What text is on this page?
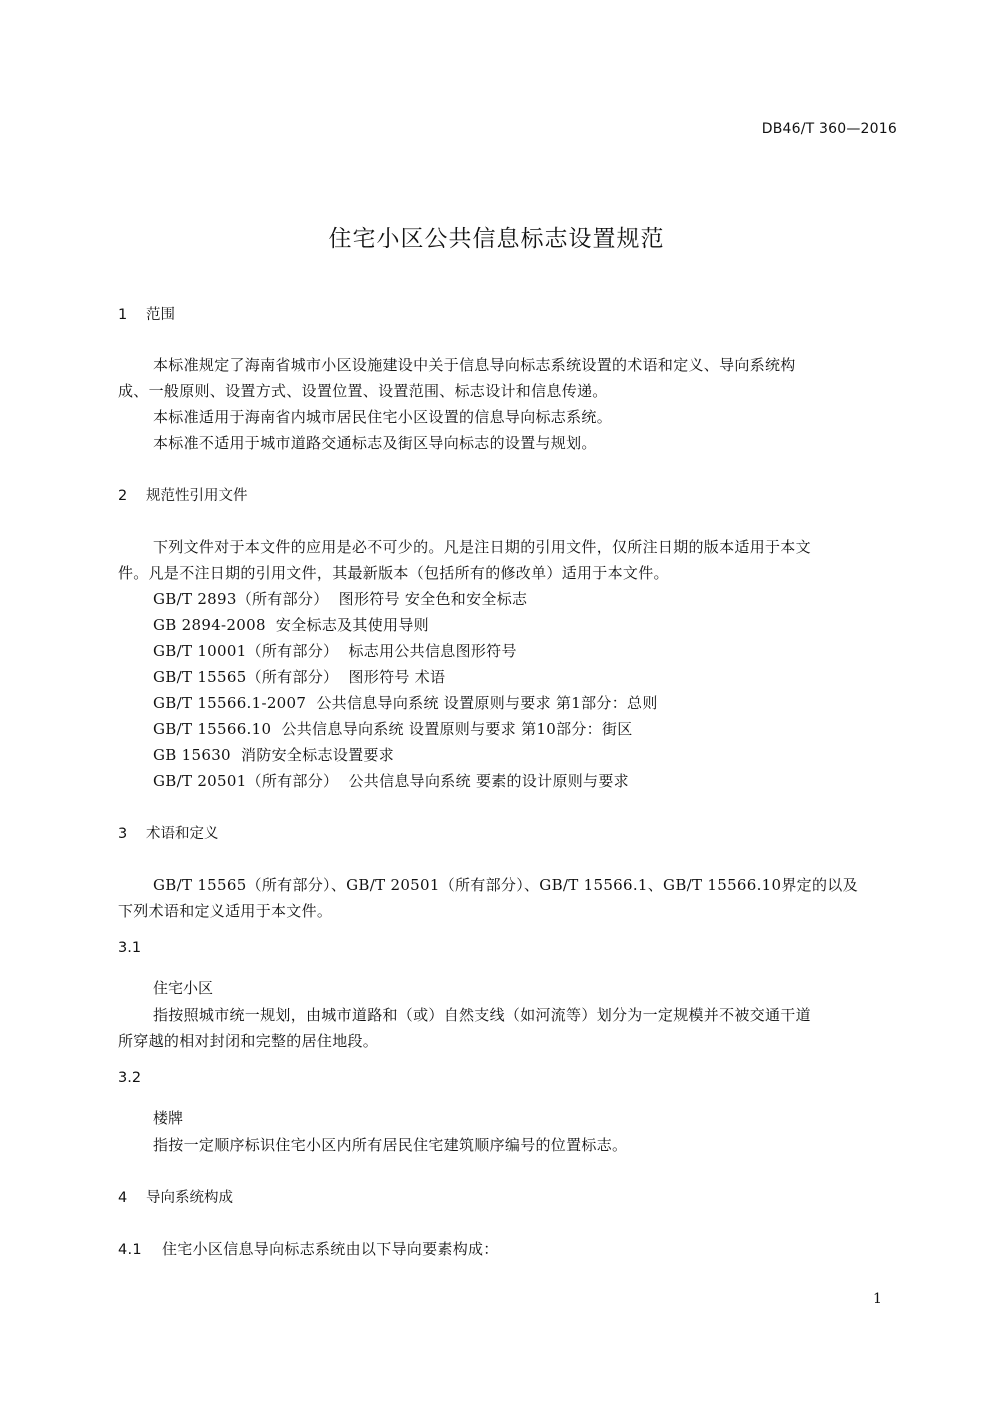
DB46/T 360—2016
住宅小区公共信息标志设置规范
1 范围
本标准规定了海南省城市小区设施建设中关于信息导向标志系统设置的术语和定义、导向系统构
成、一般原则、设置方式、设置位置、设置范围、标志设计和信息传递。
本标准适用于海南省内城市居民住宅小区设置的信息导向标志系统。
本标准不适用于城市道路交通标志及街区导向标志的设置与规划。
2 规范性引用文件
下列文件对于本文件的应用是必不可少的。凡是注日期的引用文件，仅所注日期的版本适用于本文
件。凡是不注日期的引用文件，其最新版本（包括所有的修改单）适用于本文件。
GB/T 2893（所有部分）  图形符号 安全色和安全标志
GB 2894-2008  安全标志及其使用导则
GB/T 10001（所有部分）  标志用公共信息图形符号
GB/T 15565（所有部分）  图形符号 术语
GB/T 15566.1-2007  公共信息导向系统 设置原则与要求 第1部分：总则
GB/T 15566.10  公共信息导向系统 设置原则与要求 第10部分：街区
GB 15630  消防安全标志设置要求
GB/T 20501（所有部分）  公共信息导向系统 要素的设计原则与要求
3 术语和定义
GB/T 15565（所有部分）、GB/T 20501（所有部分）、GB/T 15566.1、GB/T 15566.10界定的以及
下列术语和定义适用于本文件。
3.1
住宅小区
指按照城市统一规划，由城市道路和（或）自然支线（如河流等）划分为一定规模并不被交通干道
所穿越的相对封闭和完整的居住地段。
3.2
楼牌
指按一定顺序标识住宅小区内所有居民住宅建筑顺序编号的位置标志。
4 导向系统构成
4.1 住宅小区信息导向标志系统由以下导向要素构成：
1
